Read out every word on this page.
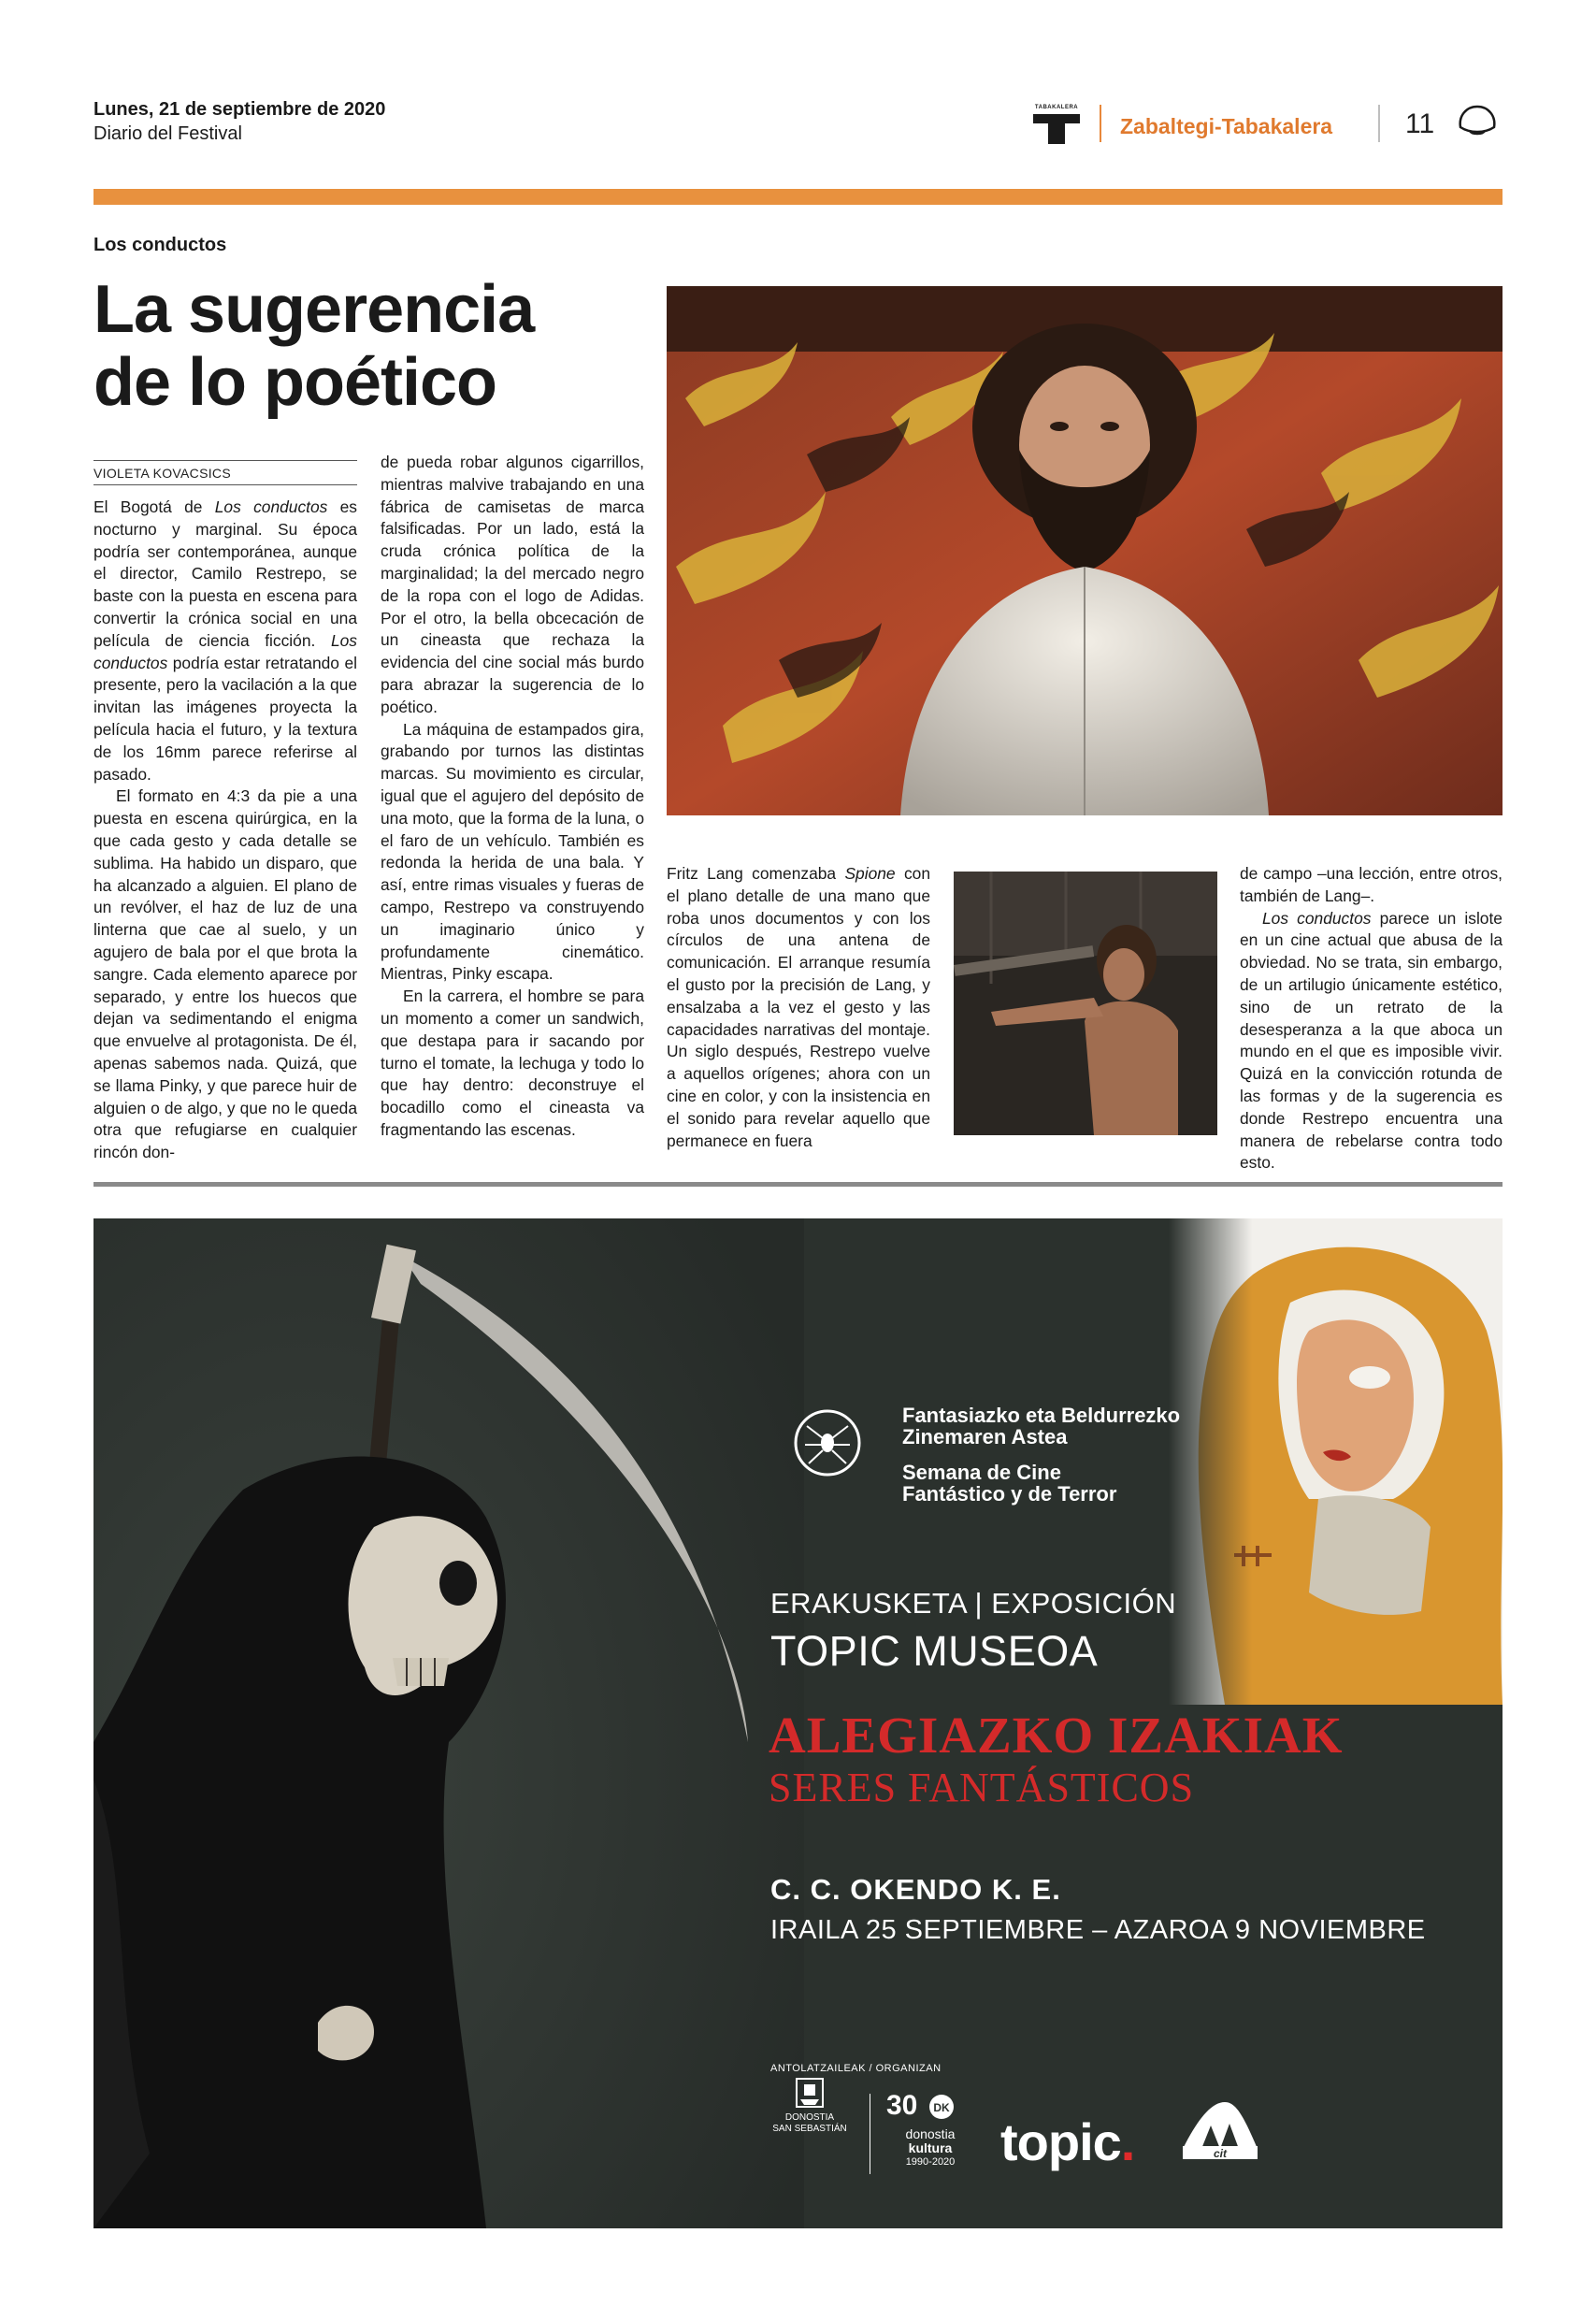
Lunes, 21 de septiembre de 2020
Diario del Festival
TABAKALERA
Zabaltegi-Tabakalera	11
Los conductos
La sugerencia
de lo poético
VIOLETA KOVACSICS

El Bogotá de Los conductos es nocturno y marginal. Su época podría ser contemporánea, aunque el director, Camilo Restrepo, se baste con la puesta en escena para convertir la crónica social en una película de ciencia ficción. Los conductos podría estar retratando el presente, pero la vacilación a la que invitan las imágenes proyecta la película hacia el futuro, y la textura de los 16mm parece referirse al pasado.

El formato en 4:3 da pie a una puesta en escena quirúrgica, en la que cada gesto y cada detalle se sublima. Ha habido un disparo, que ha alcanzado a alguien. El plano de un revólver, el haz de luz de una linterna que cae al suelo, y un agujero de bala por el que brota la sangre. Cada elemento aparece por separado, y entre los huecos que dejan va sedimentando el enigma que envuelve al protagonista. De él, apenas sabemos nada. Quizá, que se llama Pinky, y que parece huir de alguien o de algo, y que no le queda otra que refugiarse en cualquier rincón don-

de pueda robar algunos cigarrillos, mientras malvive trabajando en una fábrica de camisetas de marca falsificadas. Por un lado, está la cruda crónica política de la marginalidad; la del mercado negro de la ropa con el logo de Adidas. Por el otro, la bella obcecación de un cineasta que rechaza la evidencia del cine social más burdo para abrazar la sugerencia de lo poético.

La máquina de estampados gira, grabando por turnos las distintas marcas. Su movimiento es circular, igual que el agujero del depósito de una moto, que la forma de la luna, o el faro de un vehículo. También es redonda la herida de una bala. Y así, entre rimas visuales y fueras de campo, Restrepo va construyendo un imaginario único y profundamente cinemático. Mientras, Pinky escapa.

En la carrera, el hombre se para un momento a comer un sandwich, que destapa para ir sacando por turno el tomate, la lechuga y todo lo que hay dentro: deconstruye el bocadillo como el cineasta va fragmentando las escenas.

Fritz Lang comenzaba Spione con el plano detalle de una mano que roba unos documentos y con los círculos de una antena de comunicación. El arranque resumía el gusto por la precisión de Lang, y ensalzaba a la vez el gesto y las capacidades narrativas del montaje. Un siglo después, Restrepo vuelve a aquellos orígenes; ahora con un cine en color, y con la insistencia en el sonido para revelar aquello que permanece en fuera

de campo –una lección, entre otros, también de Lang–.

Los conductos parece un islote en un cine actual que abusa de la obviedad. No se trata, sin embargo, de un artilugio únicamente estético, sino de un retrato de la desesperanza a la que aboca un mundo en el que es imposible vivir. Quizá en la convicción rotunda de las formas y de la sugerencia es donde Restrepo encuentra una manera de rebelarse contra todo esto.

Fantasiazko eta Beldurrezko
Zinemaren Astea
Semana de Cine
Fantástico y de Terror
ERAKUSKETA | EXPOSICIÓN
TOPIC MUSEOA
ALEGIAZKO IZAKIAK
SERES FANTÁSTICOS
C. C. OKENDO K. E.
IRAILA 25 SEPTIEMBRE – AZAROA 9 NOVIEMBRE
ANTOLATZAILEAK / ORGANIZAN
DONOSTIA
SAN SEBASTIÁN
30 DK
donostia
kultura
1990-2020 topic.	cit
